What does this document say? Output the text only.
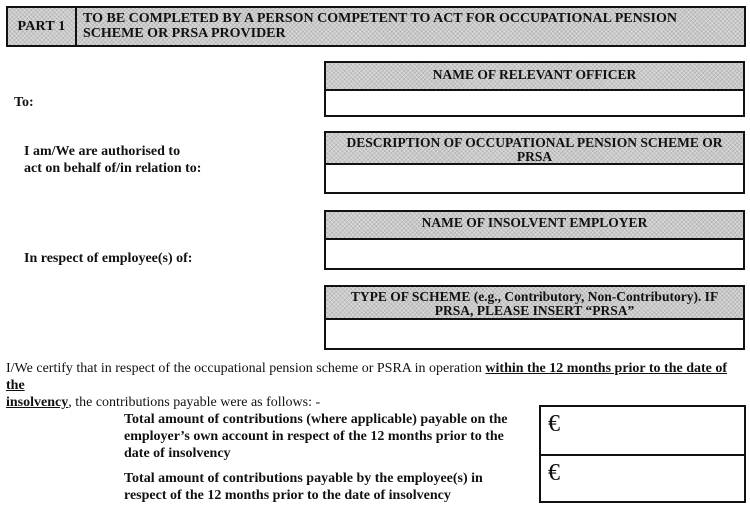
PART 1	TO BE COMPLETED BY A PERSON COMPETENT TO ACT FOR OCCUPATIONAL PENSION SCHEME OR PRSA PROVIDER
To:
I am/We are authorised to
act on behalf of/in relation to:
In respect of employee(s) of:
NAME OF RELEVANT OFFICER
DESCRIPTION OF OCCUPATIONAL PENSION SCHEME OR PRSA
NAME OF INSOLVENT EMPLOYER
TYPE OF SCHEME (e.g., Contributory, Non-Contributory). IF PRSA, PLEASE INSERT “PRSA”
I/We certify that in respect of the occupational pension scheme or PSRA in operation within the 12 months prior to the date of the
insolvency, the contributions payable were as follows: -
Total amount of contributions (where applicable) payable on the employer’s own account in respect of the 12 months prior to the date of insolvency
Total amount of contributions payable by the employee(s) in respect of the 12 months prior to the date of insolvency
€
€
